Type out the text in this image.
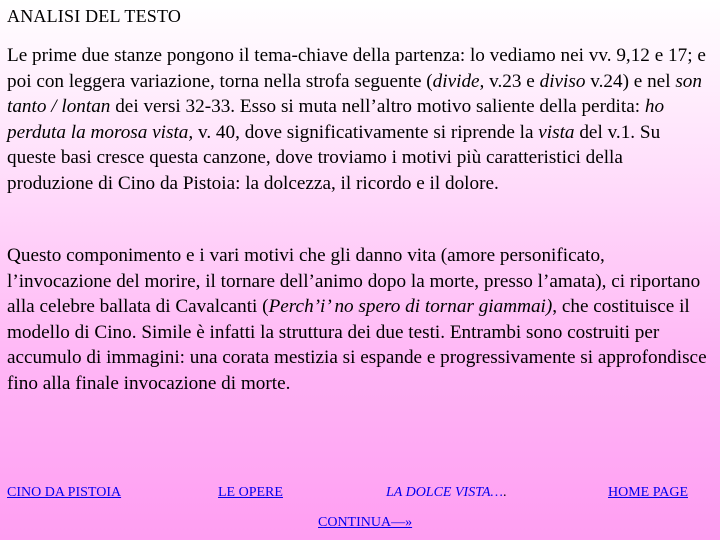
ANALISI DEL TESTO

Le prime due stanze pongono il tema-chiave della partenza: lo vediamo nei vv. 9,12 e 17; e poi con leggera variazione, torna nella strofa seguente (divide, v.23 e diviso v.24) e nel son tanto / lontan dei versi 32-33. Esso si muta nell’altro motivo saliente della perdita: ho perduta la morosa vista, v. 40, dove significativamente si riprende la vista del v.1. Su queste basi cresce questa canzone, dove troviamo i motivi più caratteristici della produzione di Cino da Pistoia: la dolcezza, il ricordo e il dolore.

Questo componimento e i vari motivi che gli danno vita (amore personificato, l’invocazione del morire, il tornare dell’animo dopo la morte, presso l’amata), ci riportano alla celebre ballata di Cavalcanti (Perch’i’ no spero di tornar giammai), che costituisce il modello di Cino. Simile è infatti la struttura dei due testi. Entrambi sono costruiti per accumulo di immagini: una corata mestizia si espande e progressivamente si approfondisce fino alla finale invocazione di morte.

CINO DA PISTOIA	LE OPERE	LA DOLCE VISTA….	HOME PAGE
CONTINUA—»
